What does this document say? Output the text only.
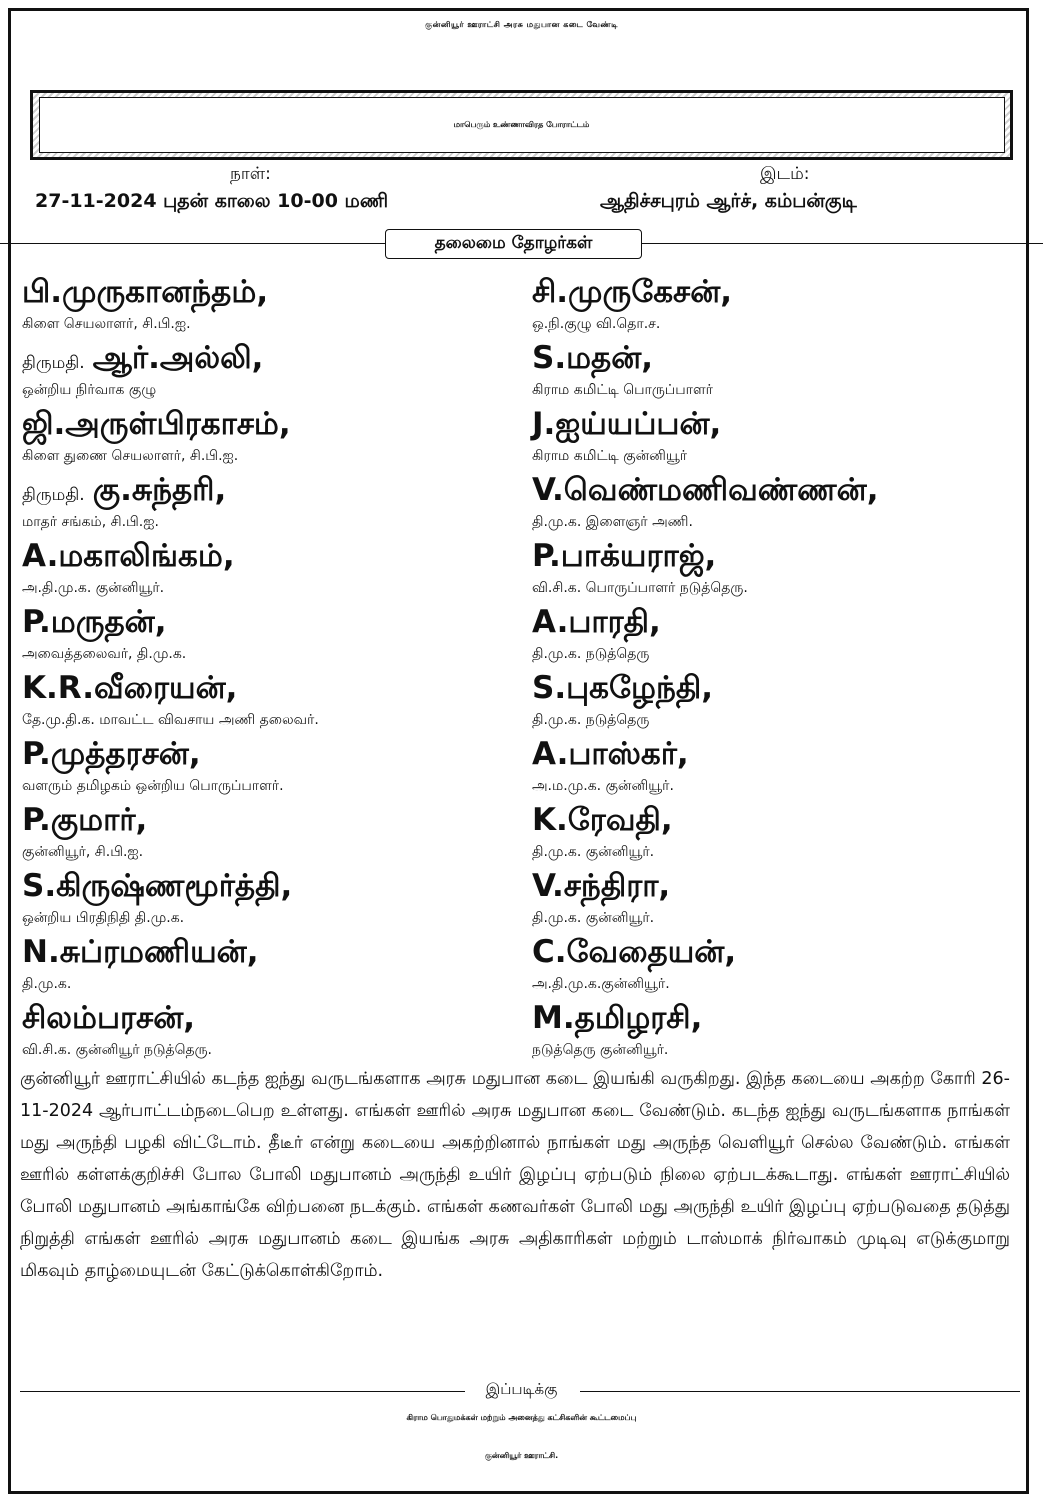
குன்னியூர் ஊராட்சி அரசு மதுபான கடை வேண்டி
மாபெரும் உண்ணாவிரத போராட்டம்
நாள்:
27-11-2024 புதன் காலை 10-00 மணி
இடம்:
ஆதிச்சபுரம் ஆர்ச், கம்பன்குடி
தலைமை தோழர்கள்
பி.முருகானந்தம்,
கிளை செயலாளர், சி.பி.ஐ.
திருமதி. ஆர்.அல்லி,
ஒன்றிய நிர்வாக குழு
ஜி.அருள்பிரகாசம்,
கிளை துணை செயலாளர், சி.பி.ஐ.
திருமதி. கு.சுந்தரி,
மாதர் சங்கம், சி.பி.ஐ.
A.மகாலிங்கம்,
அ.தி.மு.க. குன்னியூர்.
P.மருதன்,
அவைத்தலைவர், தி.மு.க.
K.R.வீரையன்,
தே.மு.தி.க. மாவட்ட விவசாய அணி தலைவர்.
P.முத்தரசன்,
வளரும் தமிழகம் ஒன்றிய பொருப்பாளர்.
P.குமார்,
குன்னியூர், சி.பி.ஐ.
S.கிருஷ்ணமூர்த்தி,
ஒன்றிய பிரதிநிதி தி.மு.க.
N.சுப்ரமணியன்,
தி.மு.க.
சிலம்பரசன்,
வி.சி.க. குன்னியூர் நடுத்தெரு.
சி.முருகேசன்,
ஒ.நி.குழு வி.தொ.ச.
S.மதன்,
கிராம கமிட்டி பொருப்பாளர்
J.ஐய்யப்பன்,
கிராம கமிட்டி குன்னியூர்
V.வெண்மணிவண்ணன்,
தி.மு.க. இளைஞர் அணி.
P.பாக்யராஜ்,
வி.சி.க. பொருப்பாளர் நடுத்தெரு.
A.பாரதி,
தி.மு.க. நடுத்தெரு
S.புகழேந்தி,
தி.மு.க. நடுத்தெரு
A.பாஸ்கர்,
அ.ம.மு.க. குன்னியூர்.
K.ரேவதி,
தி.மு.க. குன்னியூர்.
V.சந்திரா,
தி.மு.க. குன்னியூர்.
C.வேதையன்,
அ.தி.மு.க.குன்னியூர்.
M.தமிழரசி,
நடுத்தெரு குன்னியூர்.
குன்னியூர் ஊராட்சியில் கடந்த ஐந்து வருடங்களாக அரசு மதுபான கடை இயங்கி வருகிறது. இந்த கடையை அகற்ற கோரி 26-11-2024 ஆர்பாட்டம்நடைபெற உள்ளது. எங்கள் ஊரில் அரசு மதுபான கடை வேண்டும். கடந்த ஐந்து வருடங்களாக நாங்கள் மது அருந்தி பழகி விட்டோம். தீடீர் என்று கடையை அகற்றினால் நாங்கள் மது அருந்த வெளியூர் செல்ல வேண்டும். எங்கள் ஊரில் கள்ளக்குறிச்சி போல போலி மதுபானம் அருந்தி உயிர் இழப்பு ஏற்படும் நிலை ஏற்படக்கூடாது. எங்கள் ஊராட்சியில் போலி மதுபானம் அங்காங்கே விற்பனை நடக்கும். எங்கள் கணவர்கள் போலி மது அருந்தி உயிர் இழப்பு ஏற்படுவதை தடுத்து நிறுத்தி எங்கள் ஊரில் அரசு மதுபானம் கடை இயங்க அரசு அதிகாரிகள் மற்றும் டாஸ்மாக் நிர்வாகம் முடிவு எடுக்குமாறு மிகவும் தாழ்மையுடன் கேட்டுக்கொள்கிறோம்.
இப்படிக்கு
கிராம பொதுமக்கள் மற்றும் அனைத்து கட்சிகளின் கூட்டமைப்பு
குன்னியூர் ஊராட்சி.
